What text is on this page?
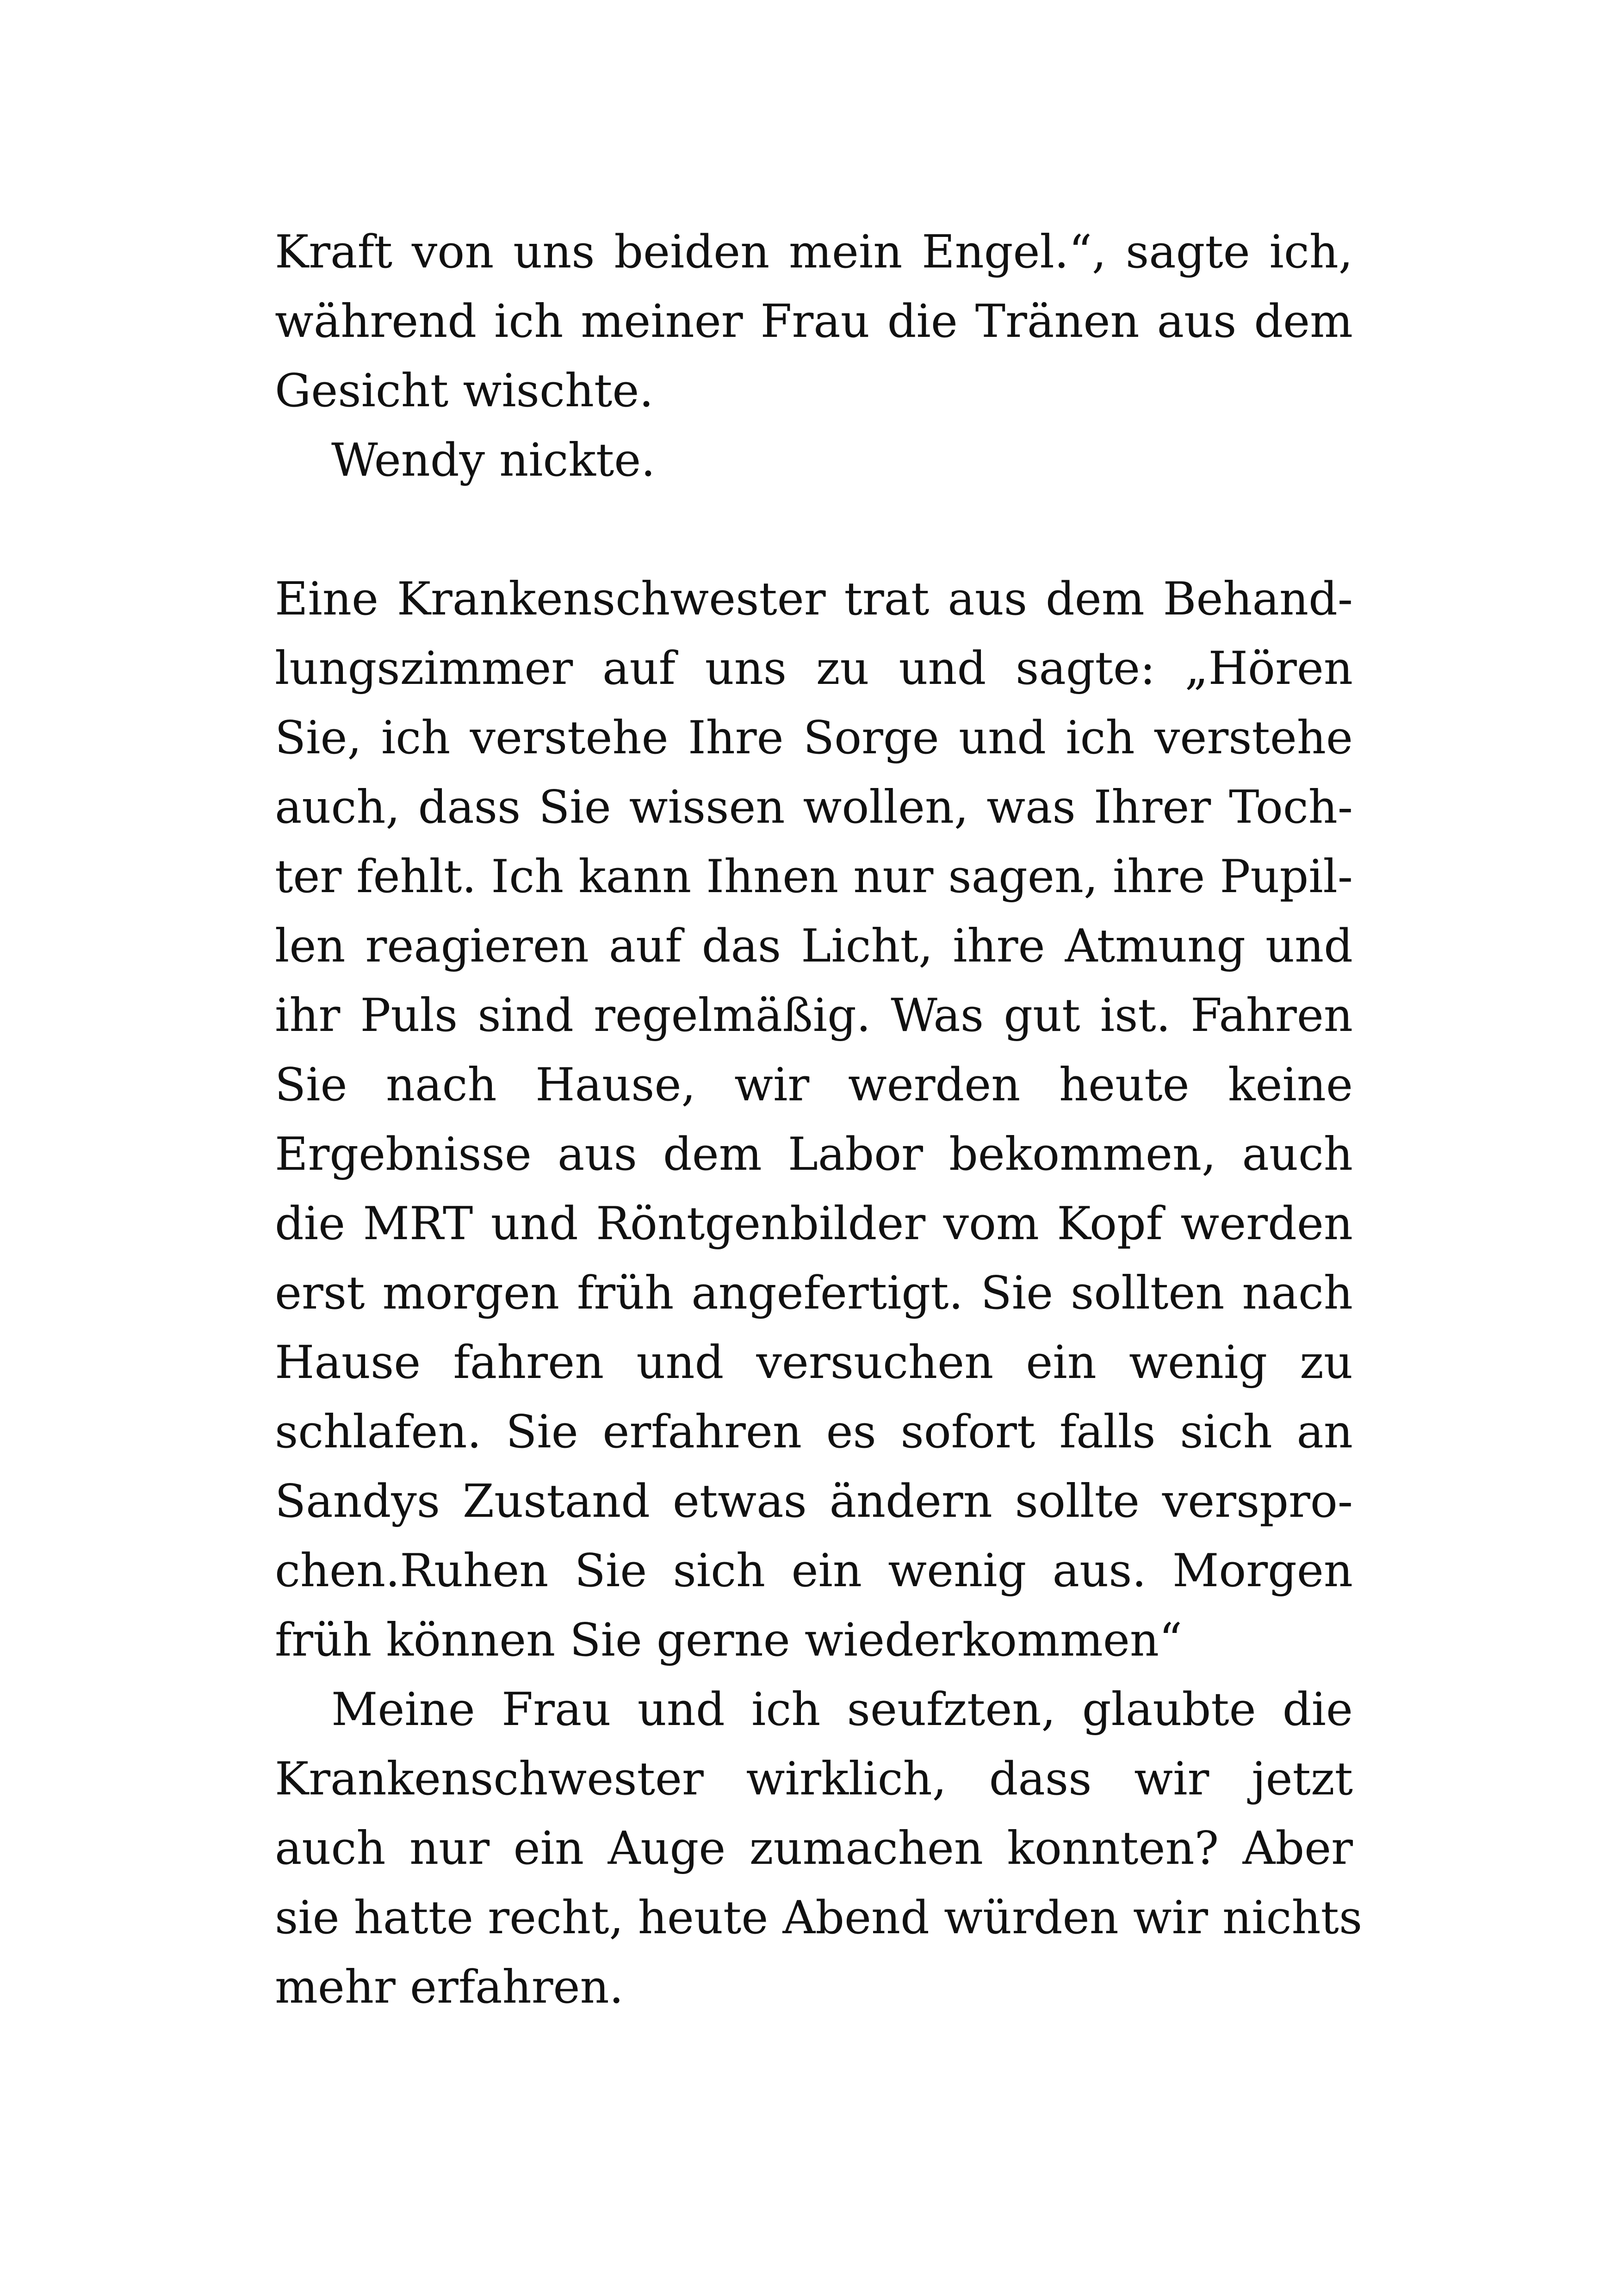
Kraft von uns beiden mein Engel.“, sagte ich,
während ich meiner Frau die Tränen aus dem
Gesicht wischte.
Wendy nickte.
Eine Krankenschwester trat aus dem Behand-
lungszimmer auf uns zu und sagte: „Hören
Sie, ich verstehe Ihre Sorge und ich verstehe
auch, dass Sie wissen wollen, was Ihrer Toch-
ter fehlt. Ich kann Ihnen nur sagen, ihre Pupil-
len reagieren auf das Licht, ihre Atmung und
ihr Puls sind regelmäßig. Was gut ist. Fahren
Sie nach Hause, wir werden heute keine
Ergebnisse aus dem Labor bekommen, auch
die MRT und Röntgenbilder vom Kopf werden
erst morgen früh angefertigt. Sie sollten nach
Hause fahren und versuchen ein wenig zu
schlafen. Sie erfahren es sofort falls sich an
Sandys Zustand etwas ändern sollte verspro-
chen.Ruhen Sie sich ein wenig aus. Morgen
früh können Sie gerne wiederkommen“
Meine Frau und ich seufzten, glaubte die
Krankenschwester wirklich, dass wir jetzt
auch nur ein Auge zumachen konnten? Aber
sie hatte recht, heute Abend würden wir nichts
mehr erfahren.
